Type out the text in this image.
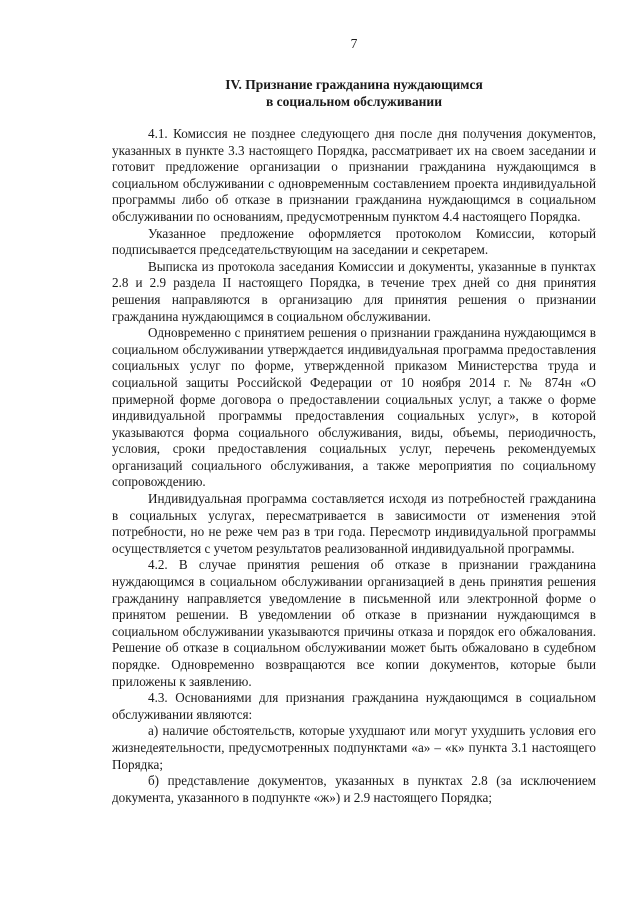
7
IV. Признание гражданина нуждающимся
в социальном обслуживании

4.1. Комиссия не позднее следующего дня после дня получения документов, указанных в пункте 3.3 настоящего Порядка, рассматривает их на своем заседании и готовит предложение организации о признании гражданина нуждающимся в социальном обслуживании с одновременным составлением проекта индивидуальной программы либо об отказе в признании гражданина нуждающимся в социальном обслуживании по основаниям, предусмотренным пунктом 4.4 настоящего Порядка.

Указанное предложение оформляется протоколом Комиссии, который подписывается председательствующим на заседании и секретарем.

Выписка из протокола заседания Комиссии и документы, указанные в пунктах 2.8 и 2.9 раздела II настоящего Порядка, в течение трех дней со дня принятия решения направляются в организацию для принятия решения о признании гражданина нуждающимся в социальном обслуживании.

Одновременно с принятием решения о признании гражданина нуждающимся в социальном обслуживании утверждается индивидуальная программа предоставления социальных услуг по форме, утвержденной приказом Министерства труда и социальной защиты Российской Федерации от 10 ноября 2014 г. № 874н «О примерной форме договора о предоставлении социальных услуг, а также о форме индивидуальной программы предоставления социальных услуг», в которой указываются форма социального обслуживания, виды, объемы, периодичность, условия, сроки предоставления социальных услуг, перечень рекомендуемых организаций социального обслуживания, а также мероприятия по социальному сопровождению.

Индивидуальная программа составляется исходя из потребностей гражданина в социальных услугах, пересматривается в зависимости от изменения этой потребности, но не реже чем раз в три года. Пересмотр индивидуальной программы осуществляется с учетом результатов реализованной индивидуальной программы.

4.2. В случае принятия решения об отказе в признании гражданина нуждающимся в социальном обслуживании организацией в день принятия решения гражданину направляется уведомление в письменной или электронной форме о принятом решении. В уведомлении об отказе в признании нуждающимся в социальном обслуживании указываются причины отказа и порядок его обжалования. Решение об отказе в социальном обслуживании может быть обжаловано в судебном порядке. Одновременно возвращаются все копии документов, которые были приложены к заявлению.

4.3. Основаниями для признания гражданина нуждающимся в социальном обслуживании являются:

а) наличие обстоятельств, которые ухудшают или могут ухудшить условия его жизнедеятельности, предусмотренных подпунктами «а» – «к» пункта 3.1 настоящего Порядка;

б) представление документов, указанных в пунктах 2.8 (за исключением документа, указанного в подпункте «ж») и 2.9 настоящего Порядка;
